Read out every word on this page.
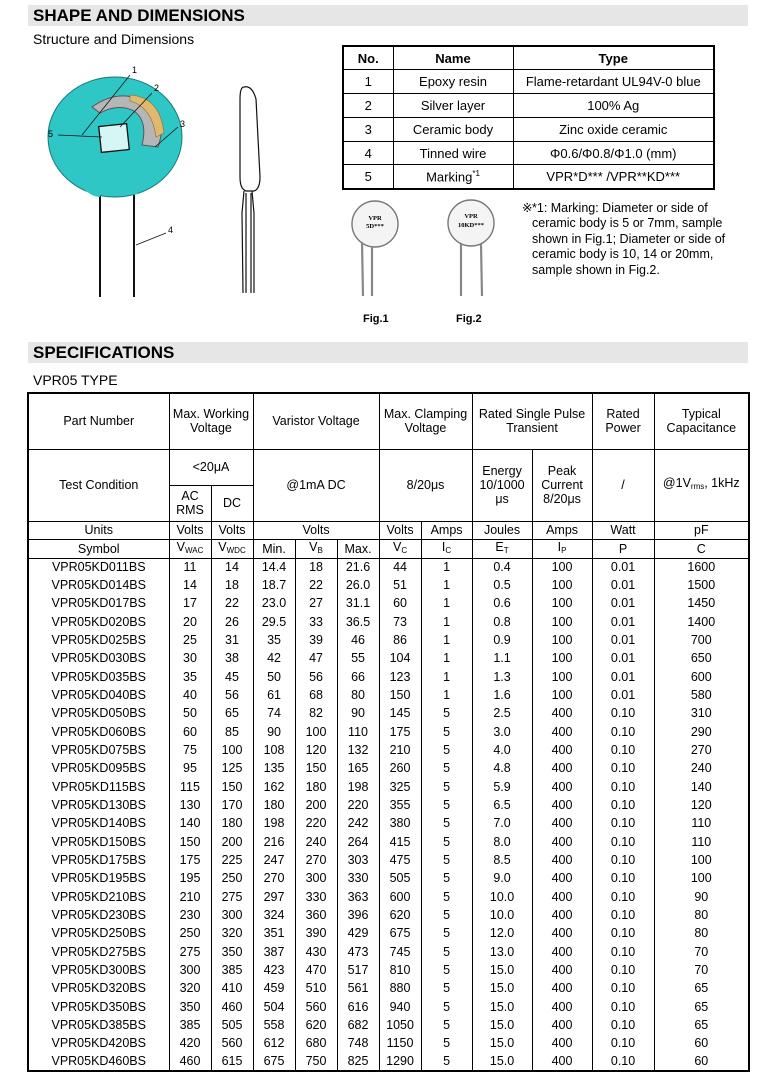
SHAPE AND DIMENSIONS
Structure and Dimensions
1
2
3
5
4
No.	Name	Type
1	Epoxy resin	Flame-retardant UL94V-0 blue
2	Silver layer	100% Ag
3	Ceramic body	Zinc oxide ceramic
4	Tinned wire	Φ0.6/Φ0.8/Φ1.0 (mm)
5	Marking$^{*1}$	VPR*D*** /VPR**KD***
VPR
5D***
VPR
10KD***
Fig.1	Fig.2
※ *1: Marking: Diameter or side of ceramic body is 5 or 7mm, sample shown in Fig.1; Diameter or side of ceramic body is 10, 14 or 20mm, sample shown in Fig.2.
SPECIFICATIONS
VPR05 TYPE
Part Number	Max. Working Voltage		Varistor Voltage			Max. Clamping Voltage		Rated Single Pulse Transient		Rated Power	Typical Capacitance
Test Condition	<20μA		@1mA DC			8/20μs		Energy 10/1000 μs	Peak Current 8/20μs	/	$@1V_{rms}$, 1kHz
	AC RMS	DC									
Units	Volts	Volts	Volts			Volts	Amps	Joules	Amps	Watt	pF
Symbol	$V_{WAC}$	$V_{WDC}$	Min.	$V_B$	Max.	$V_C$	$I_C$	$E_T$	$I_P$	P	C
VPR05KD011BS	11	14	14.4	18	21.6	44	1	0.4	100	0.01	1600
VPR05KD014BS	14	18	18.7	22	26.0	51	1	0.5	100	0.01	1500
VPR05KD017BS	17	22	23.0	27	31.1	60	1	0.6	100	0.01	1450
VPR05KD020BS	20	26	29.5	33	36.5	73	1	0.8	100	0.01	1400
VPR05KD025BS	25	31	35	39	46	86	1	0.9	100	0.01	700
VPR05KD030BS	30	38	42	47	55	104	1	1.1	100	0.01	650
VPR05KD035BS	35	45	50	56	66	123	1	1.3	100	0.01	600
VPR05KD040BS	40	56	61	68	80	150	1	1.6	100	0.01	580
VPR05KD050BS	50	65	74	82	90	145	5	2.5	400	0.10	310
VPR05KD060BS	60	85	90	100	110	175	5	3.0	400	0.10	290
VPR05KD075BS	75	100	108	120	132	210	5	4.0	400	0.10	270
VPR05KD095BS	95	125	135	150	165	260	5	4.8	400	0.10	240
VPR05KD115BS	115	150	162	180	198	325	5	5.9	400	0.10	140
VPR05KD130BS	130	170	180	200	220	355	5	6.5	400	0.10	120
VPR05KD140BS	140	180	198	220	242	380	5	7.0	400	0.10	110
VPR05KD150BS	150	200	216	240	264	415	5	8.0	400	0.10	110
VPR05KD175BS	175	225	247	270	303	475	5	8.5	400	0.10	100
VPR05KD195BS	195	250	270	300	330	505	5	9.0	400	0.10	100
VPR05KD210BS	210	275	297	330	363	600	5	10.0	400	0.10	90
VPR05KD230BS	230	300	324	360	396	620	5	10.0	400	0.10	80
VPR05KD250BS	250	320	351	390	429	675	5	12.0	400	0.10	80
VPR05KD275BS	275	350	387	430	473	745	5	13.0	400	0.10	70
VPR05KD300BS	300	385	423	470	517	810	5	15.0	400	0.10	70
VPR05KD320BS	320	410	459	510	561	880	5	15.0	400	0.10	65
VPR05KD350BS	350	460	504	560	616	940	5	15.0	400	0.10	65
VPR05KD385BS	385	505	558	620	682	1050	5	15.0	400	0.10	65
VPR05KD420BS	420	560	612	680	748	1150	5	15.0	400	0.10	60
VPR05KD460BS	460	615	675	750	825	1290	5	15.0	400	0.10	60
